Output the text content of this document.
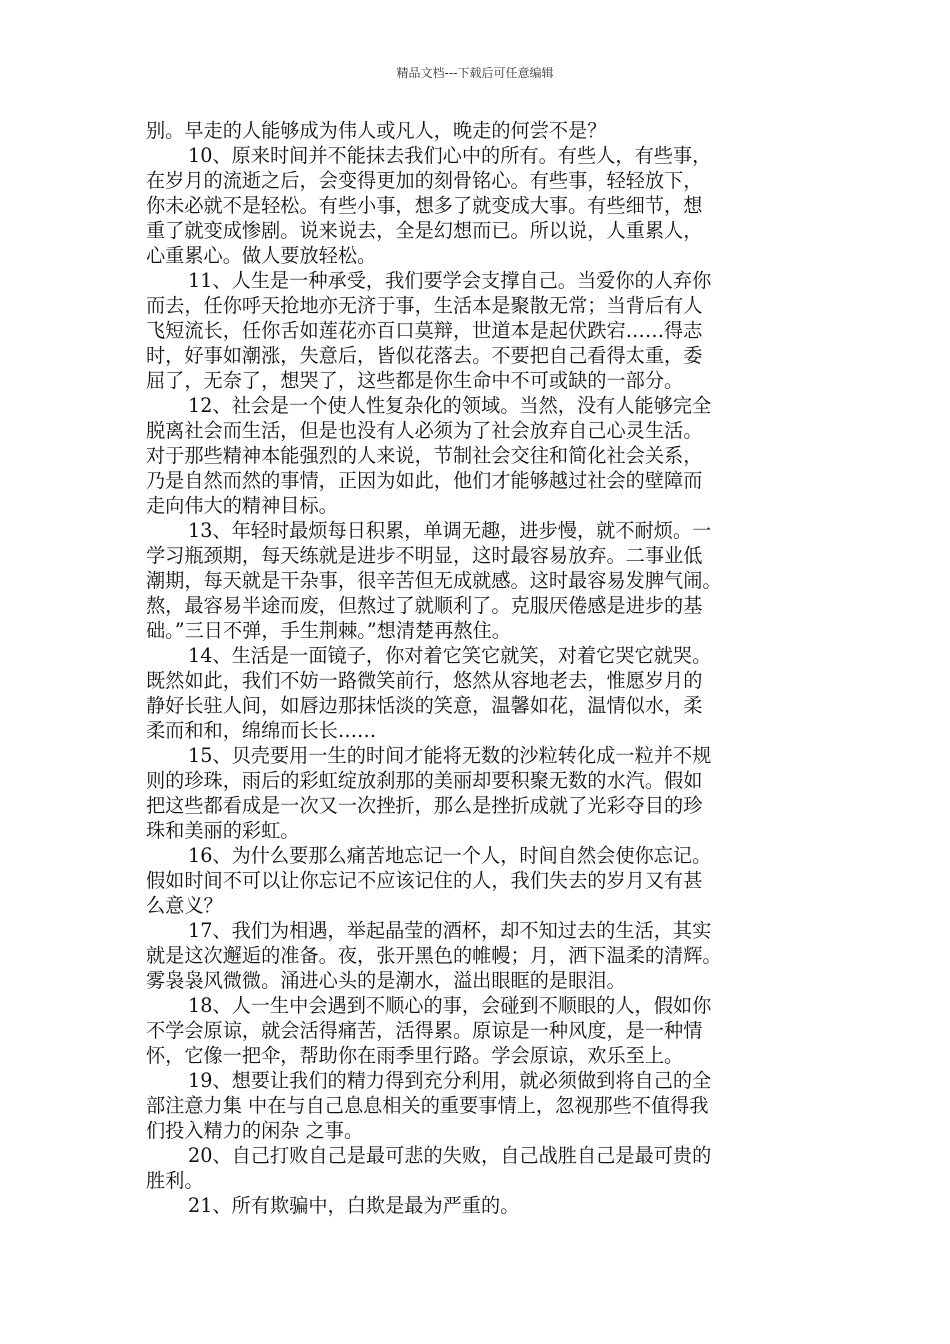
精品文档---下载后可任意编辑
别。早走的人能够成为伟人或凡人，晚走的何尝不是？
10、原来时间并不能抹去我们心中的所有。有些人，有些事，
在岁月的流逝之后，会变得更加的刻骨铭心。有些事，轻轻放下，
你未必就不是轻松。有些小事，想多了就变成大事。有些细节，想
重了就变成惨剧。说来说去，全是幻想而已。所以说，人重累人，
心重累心。做人要放轻松。
11、人生是一种承受，我们要学会支撑自己。当爱你的人弃你
而去，任你呼天抢地亦无济于事，生活本是聚散无常；当背后有人
飞短流长，任你舌如莲花亦百口莫辩，世道本是起伏跌宕……得志
时，好事如潮涨，失意后，皆似花落去。不要把自己看得太重，委
屈了，无奈了，想哭了，这些都是你生命中不可或缺的一部分。
12、社会是一个使人性复杂化的领域。当然，没有人能够完全
脱离社会而生活，但是也没有人必须为了社会放弃自己心灵生活。
对于那些精神本能强烈的人来说，节制社会交往和简化社会关系，
乃是自然而然的事情，正因为如此，他们才能够越过社会的壁障而
走向伟大的精神目标。
13、年轻时最烦每日积累，单调无趣，进步慢，就不耐烦。一
学习瓶颈期，每天练就是进步不明显，这时最容易放弃。二事业低
潮期，每天就是干杂事，很辛苦但无成就感。这时最容易发脾气闹。
熬，最容易半途而废，但熬过了就顺利了。克服厌倦感是进步的基
础。”三日不弹，手生荆棘。”想清楚再熬住。
14、生活是一面镜子，你对着它笑它就笑，对着它哭它就哭。
既然如此，我们不妨一路微笑前行，悠然从容地老去，惟愿岁月的
静好长驻人间，如唇边那抹恬淡的笑意，温馨如花，温情似水，柔
柔而和和，绵绵而长长……
15、贝壳要用一生的时间才能将无数的沙粒转化成一粒并不规
则的珍珠，雨后的彩虹绽放刹那的美丽却要积聚无数的水汽。假如
把这些都看成是一次又一次挫折，那么是挫折成就了光彩夺目的珍
珠和美丽的彩虹。
16、为什么要那么痛苦地忘记一个人，时间自然会使你忘记。
假如时间不可以让你忘记不应该记住的人，我们失去的岁月又有甚
么意义？
17、我们为相遇，举起晶莹的酒杯，却不知过去的生活，其实
就是这次邂逅的准备。夜，张开黑色的帷幔；月，洒下温柔的清辉。
雾袅袅风微微。涌进心头的是潮水，溢出眼眶的是眼泪。
18、人一生中会遇到不顺心的事，会碰到不顺眼的人，假如你
不学会原谅，就会活得痛苦，活得累。原谅是一种风度，是一种情
怀，它像一把伞，帮助你在雨季里行路。学会原谅，欢乐至上。
19、想要让我们的精力得到充分利用，就必须做到将自己的全
部注意力集 中在与自己息息相关的重要事情上，忽视那些不值得我
们投入精力的闲杂 之事。
20、自己打败自己是最可悲的失败，自己战胜自己是最可贵的
胜利。
21、所有欺骗中，白欺是最为严重的。
